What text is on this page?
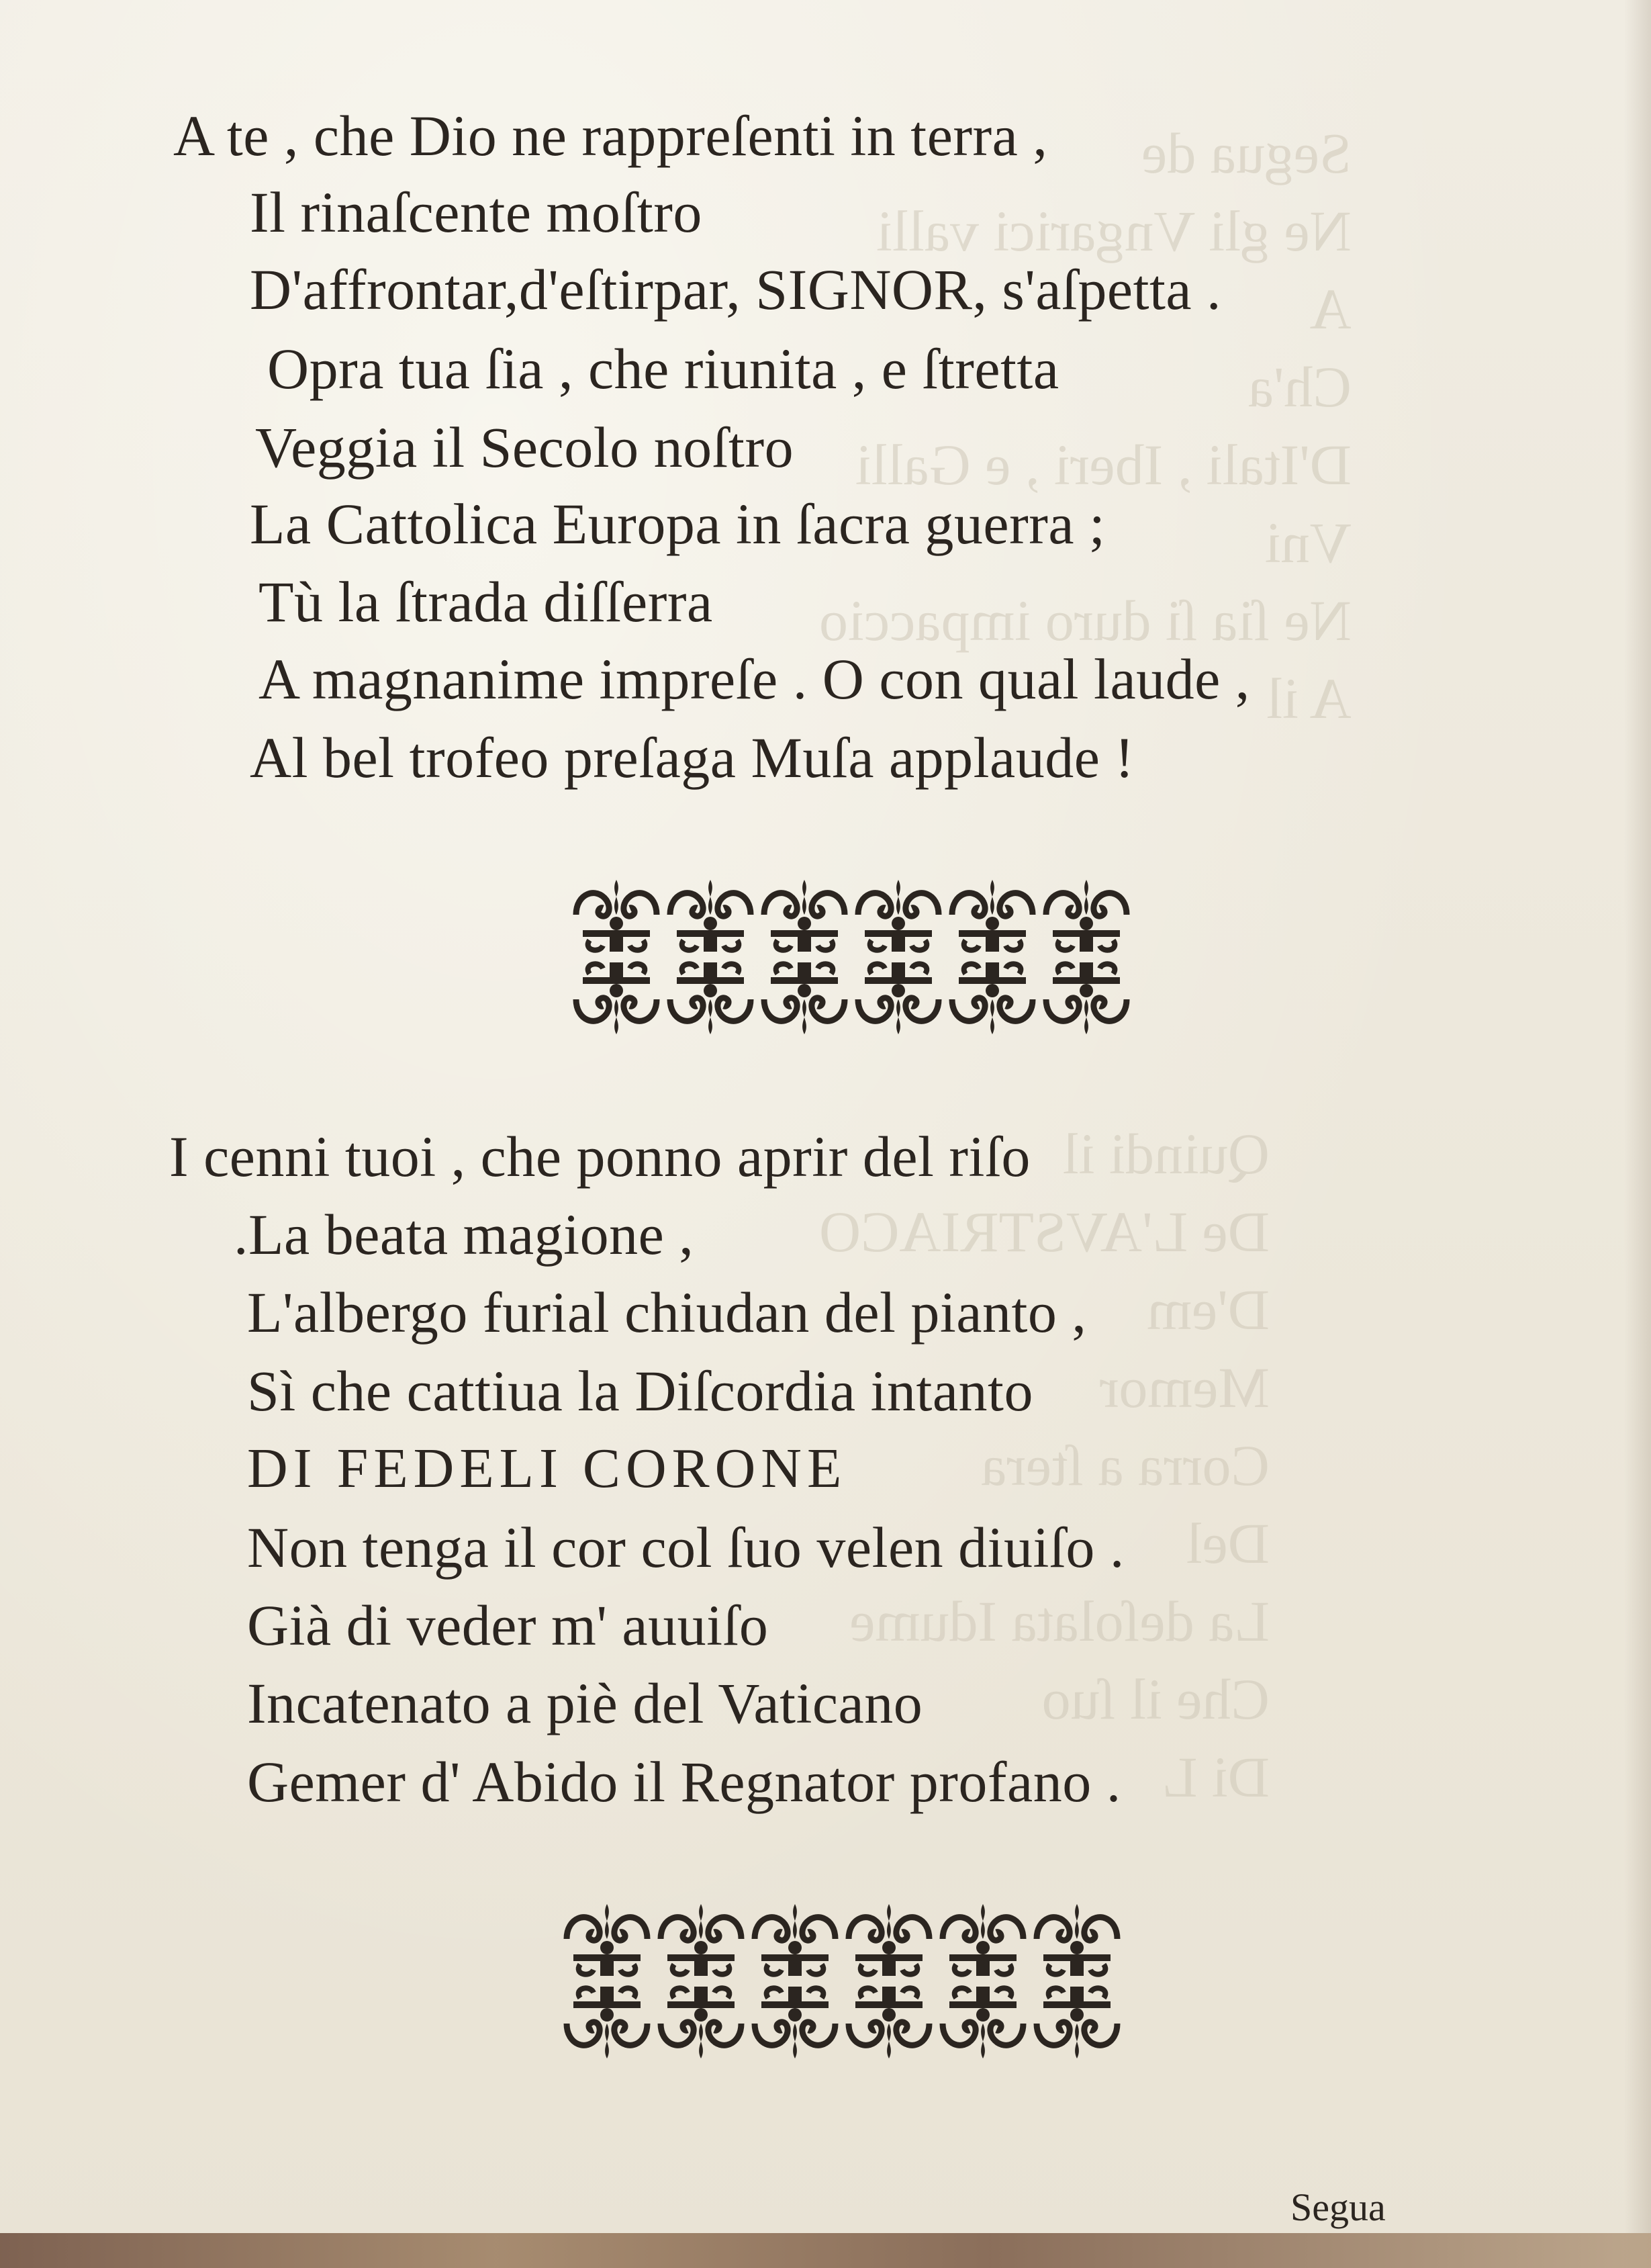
Segua de
Ne gli Vngarici valli
A
Ch'a
D'Itali , Iberi , e Galli
Vni
Ne ſia ſi duro impaccio
A il
Quindi il
De L'AVSTRIACO
D'em
Memor
Corra a ſtera
Del
La deſolata Idume
Che il ſuo
Di L
A te , che Dio ne rappreſenti in terra ,
Il rinaſcente moſtro
D'affrontar,d'eſtirpar, SIGNOR, s'aſpetta .
Opra tua ſia , che riunita , e ſtretta
Veggia il Secolo noſtro
La Cattolica Europa in ſacra guerra ;
Tù la ſtrada diſſerra
A magnanime impreſe . O con qual laude ,
Al bel trofeo preſaga Muſa applaude !
I cenni tuoi , che ponno aprir del riſo
.La beata magione ,
L'albergo furial chiudan del pianto ,
Sì che cattiua la Diſcordia intanto
DI FEDELI CORONE
Non tenga il cor col ſuo velen diuiſo .
Già di veder m' auuiſo
Incatenato a piè del Vaticano
Gemer d' Abido il Regnator profano .
Segua
